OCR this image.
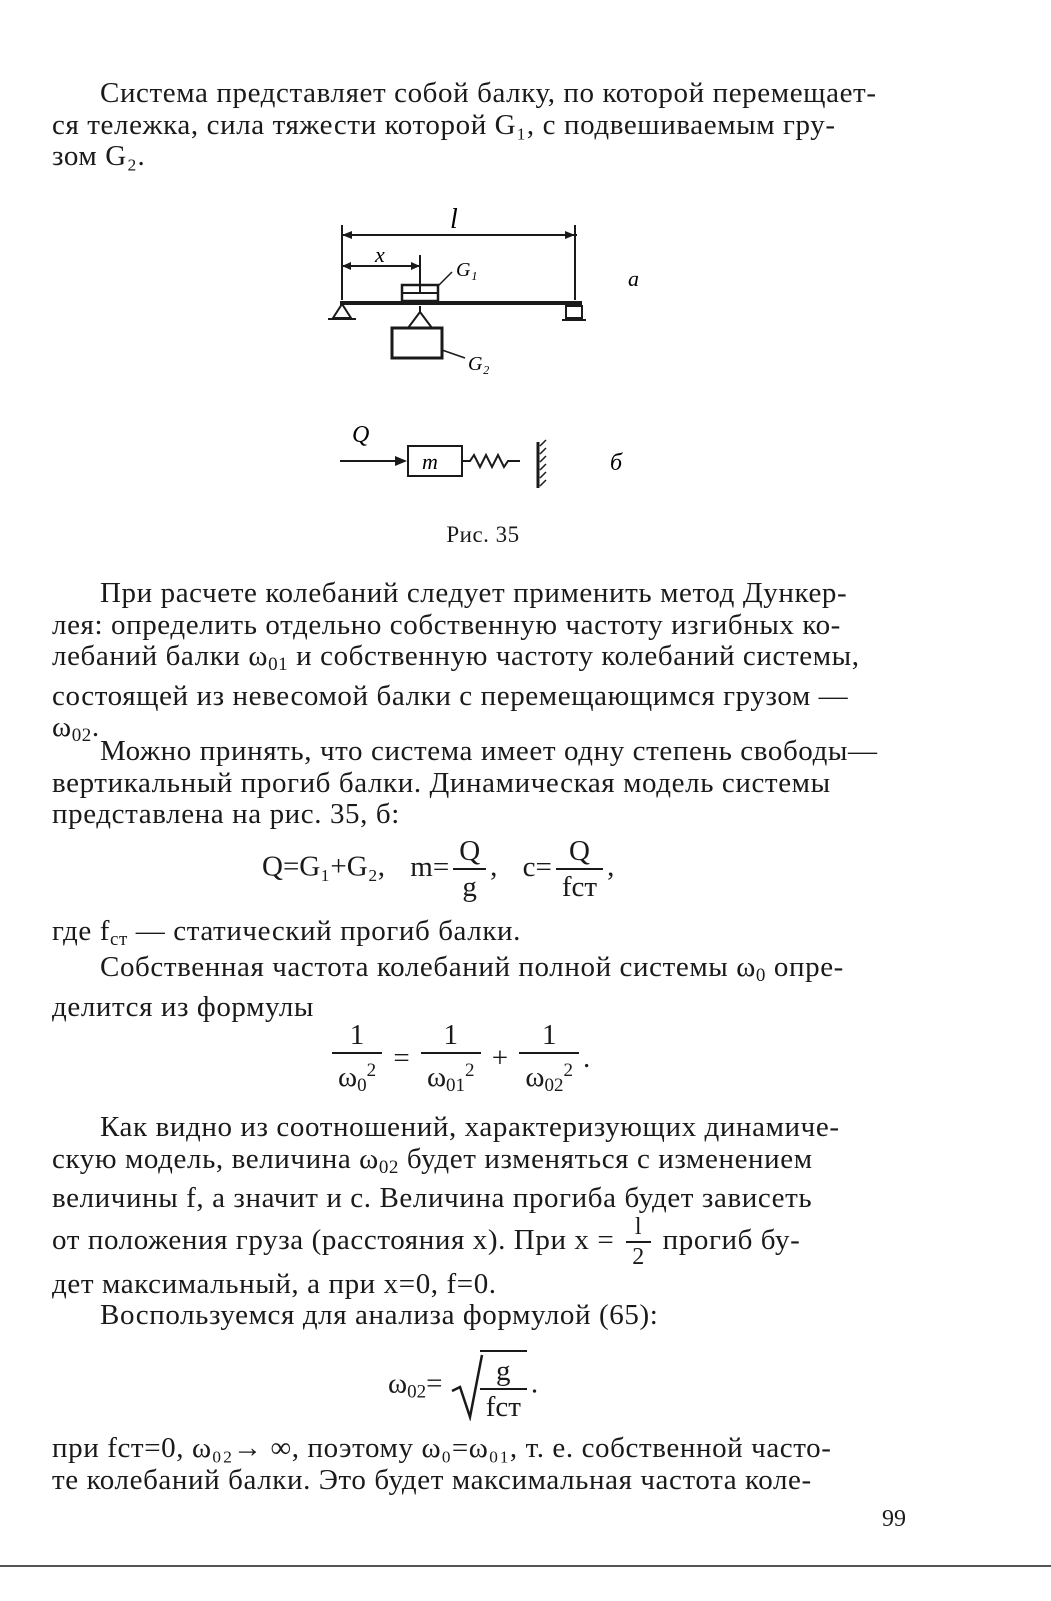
Система представляет собой балку, по которой перемещает-
ся тележка, сила тяжести которой G₁, с подвешиваемым гру-
зом G₂.
l
x
G₁
G₂
a
Q
m	б
Рис. 35
При расчете колебаний следует применить метод Дункер-
лея: определить отдельно собственную частоту изгибных ко-
лебаний балки $\omega_{01}$ и собственную частоту колебаний системы,
состоящей из невесомой балки с перемещающимся грузом —
$\omega_{02}$.
Можно принять, что система имеет одну степень свободы—
вертикальный прогиб балки. Динамическая модель системы
представлена на рис. 35, б:
Q=G₁+G₂, $m= \frac{Q}{g}$ , $c= \frac{Q}{\text{fст}}$ ,
где $f_{ст}$ — статический прогиб балки.
Собственная частота колебаний полной системы $\omega_0$ опре-
делится из формулы
$\frac{1}{\omega_0^2} = \frac{1}{\omega_{01}^2} + \frac{1}{\omega_{02}^2}$ .
Как видно из соотношений, характеризующих динамиче-
скую модель, величина $\omega_{02}$ будет изменяться с изменением
величины f, а значит и c. Величина прогиба будет зависеть
от положения груза (расстояния x). При $x = \frac{l}{2}$ прогиб бу-
дет максимальный, а при x=0, f=0.
Воспользуемся для анализа формулой (65):
$\omega_{02}= \frac{g}{\text{fст}}$ .
при fст=0, ω₀₂→ ∞, поэтому ω₀=ω₀₁, т. е. собственной часто-
те колебаний балки. Это будет максимальная частота коле-
99
